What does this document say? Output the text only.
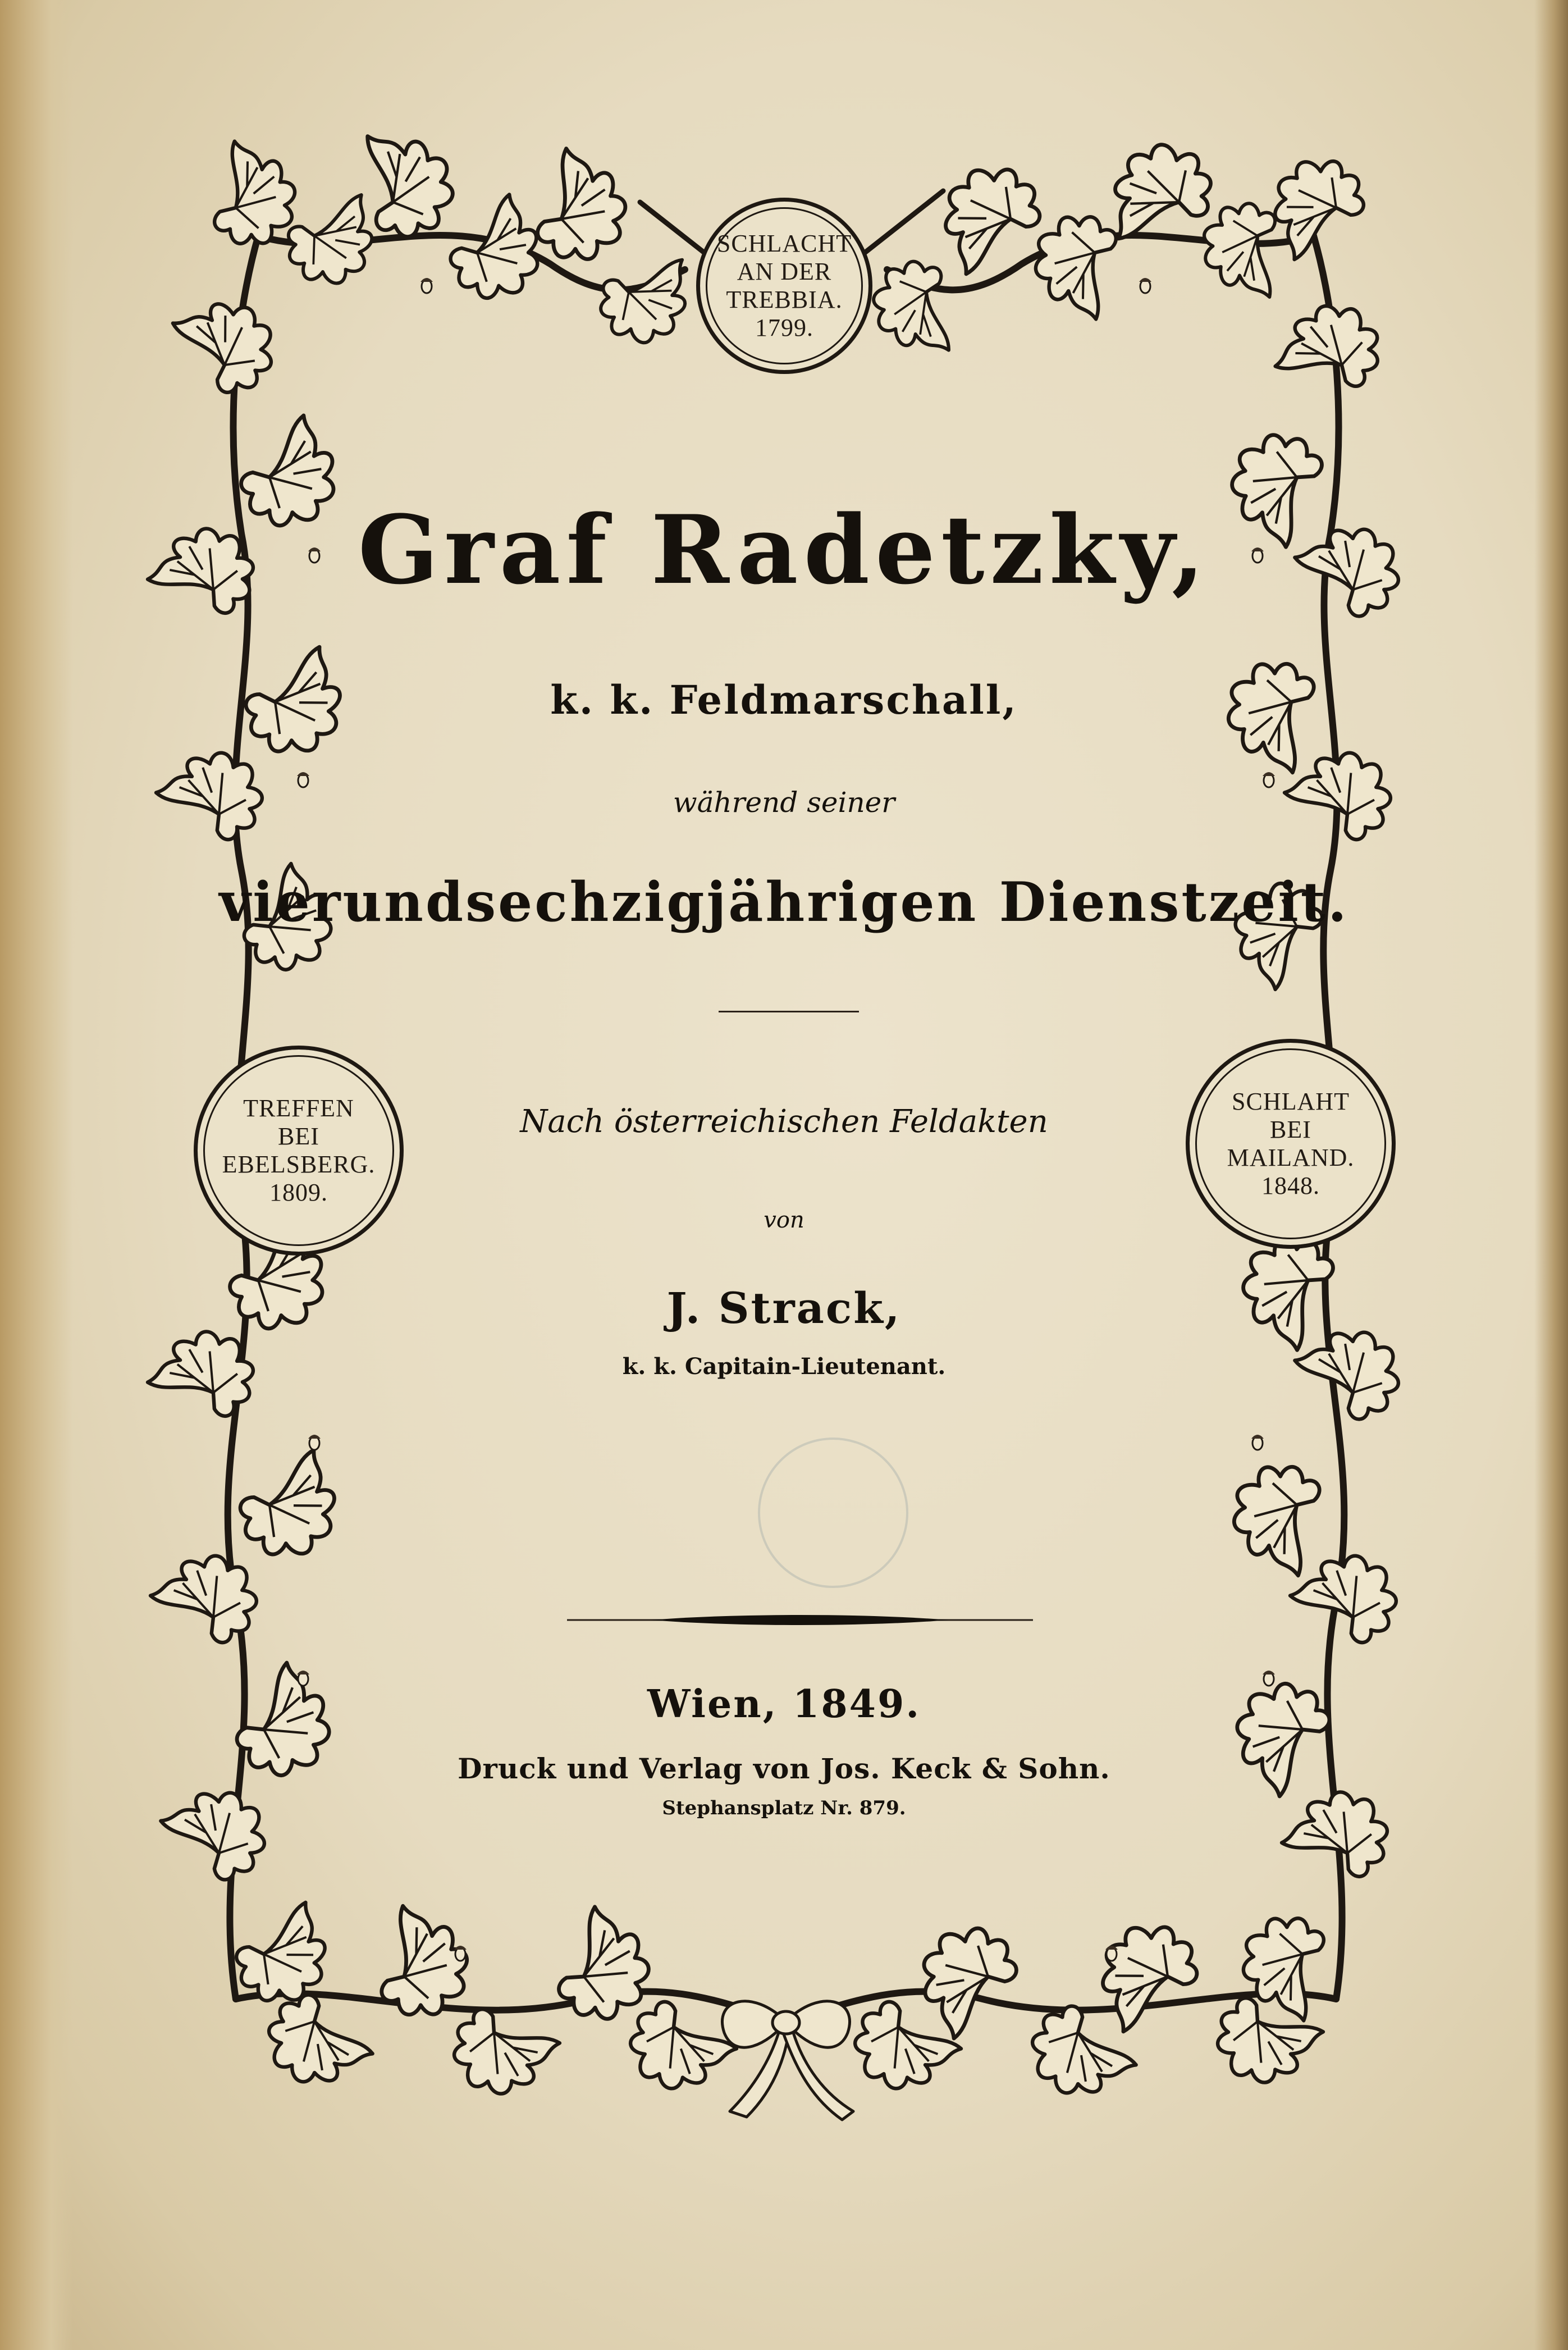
SCHLACHT
AN DER
TREBBIA.
1799.
TREFFEN
BEI
EBELSBERG.
1809.
SCHLAHT
BEI
MAILAND.
1848.
Graf Radetzky,
k. k. Feldmarschall,
während seiner
vierundsechzigjährigen Dienstzeit.
Nach österreichischen Feldakten
von
J. Strack,
k. k. Capitain-Lieutenant.
Wien, 1849.
Druck und Verlag von Jos. Keck & Sohn.
Stephansplatz Nr. 879.
